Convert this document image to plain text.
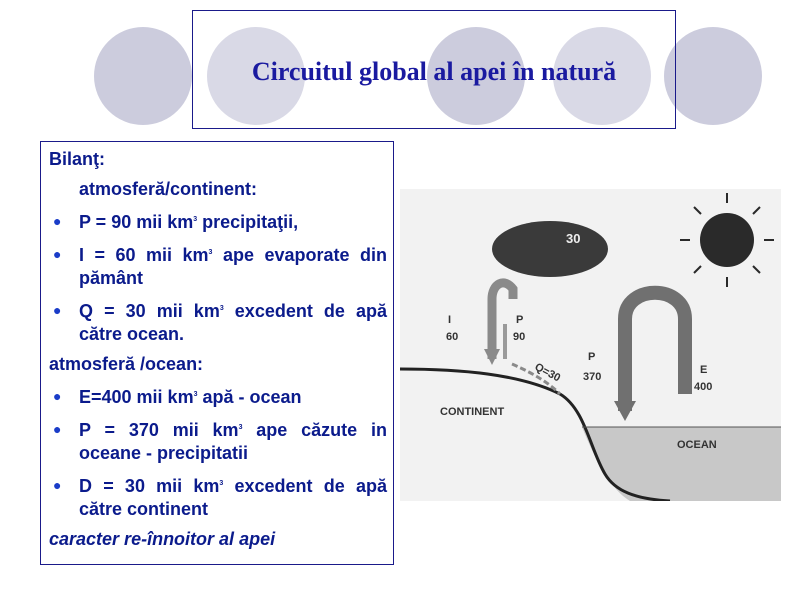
Circuitul global al apei în natură
Bilanţ:
atmosferă/continent:
● P = 90 mii $km^3$ precipitaţii,
● I = 60 mii $km^3$ ape evaporate din pământ
● Q = 30 mii $km^3$ excedent de apă către ocean.
atmosferă /ocean:
● E=400 mii $km^3$ apă - ocean
● P = 370 mii $km^3$ ape căzute in oceane - precipitatii
● D = 30 mii $km^3$ excedent de apă către continent
caracter re-înnoitor al apei
30
I
60
P
90
Q=30
P
370
E
400
CONTINENT
OCEAN
